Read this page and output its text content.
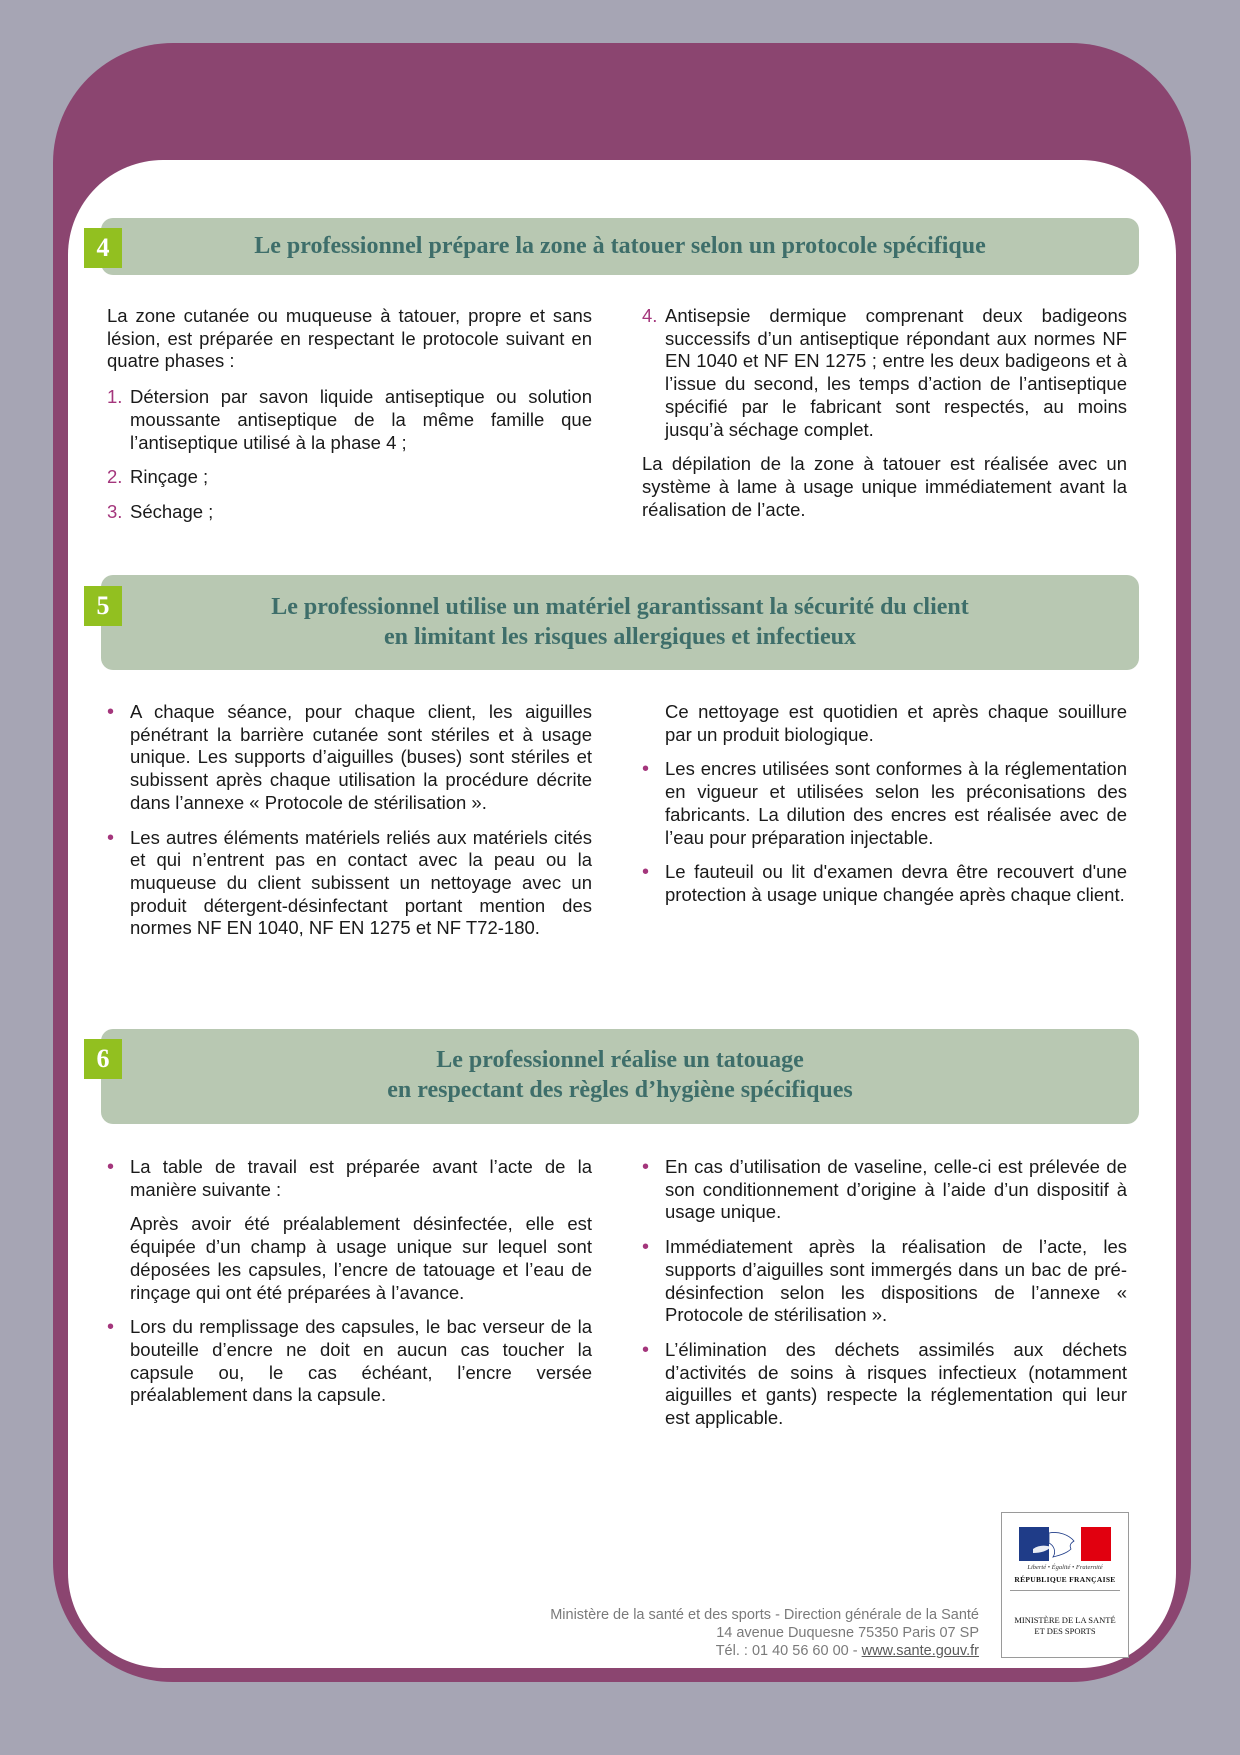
4	Le professionnel prépare la zone à tatouer selon un protocole spécifique

La zone cutanée ou muqueuse à tatouer, propre et sans lésion, est préparée en respectant le protocole suivant en quatre phases :

1. Détersion par savon liquide antiseptique ou solution moussante antiseptique de la même famille que l’antiseptique utilisé à la phase 4 ;
2. Rinçage ;
3. Séchage ;
4. Antisepsie dermique comprenant deux badigeons successifs d’un antiseptique répondant aux normes NF EN 1040 et NF EN 1275 ; entre les deux badigeons et à l’issue du second, les temps d’action de l’antiseptique spécifié par le fabricant sont respectés, au moins jusqu’à séchage complet.

La dépilation de la zone à tatouer est réalisée avec un système à lame à usage unique immédiatement avant la réalisation de l’acte.

5	Le professionnel utilise un matériel garantissant la sécurité du client
en limitant les risques allergiques et infectieux
• A chaque séance, pour chaque client, les aiguilles pénétrant la barrière cutanée sont stériles et à usage unique. Les supports d’aiguilles (buses) sont stériles et subissent après chaque utilisation la procédure décrite dans l’annexe « Protocole de stérilisation ».
• Les autres éléments matériels reliés aux matériels cités et qui n’entrent pas en contact avec la peau ou la muqueuse du client subissent un nettoyage avec un produit détergent-désinfectant portant mention des normes NF EN 1040, NF EN 1275 et NF T72-180.
Ce nettoyage est quotidien et après chaque souillure par un produit biologique.
• Les encres utilisées sont conformes à la réglementation en vigueur et utilisées selon les préconisations des fabricants. La dilution des encres est réalisée avec de l’eau pour préparation injectable.
• Le fauteuil ou lit d'examen devra être recouvert d'une protection à usage unique changée après chaque client.
6	Le professionnel réalise un tatouage
en respectant des règles d’hygiène spécifiques
• La table de travail est préparée avant l’acte de la manière suivante :
Après avoir été préalablement désinfectée, elle est équipée d’un champ à usage unique sur lequel sont déposées les capsules, l’encre de tatouage et l’eau de rinçage qui ont été préparées à l’avance.
• Lors du remplissage des capsules, le bac verseur de la bouteille d’encre ne doit en aucun cas toucher la capsule ou, le cas échéant, l’encre versée préalablement dans la capsule.
• En cas d’utilisation de vaseline, celle-ci est prélevée de son conditionnement d’origine à l’aide d’un dispositif à usage unique.
• Immédiatement après la réalisation de l’acte, les supports d’aiguilles sont immergés dans un bac de pré-désinfection selon les dispositions de l’annexe « Protocole de stérilisation ».
• L’élimination des déchets assimilés aux déchets d’activités de soins à risques infectieux (notamment aiguilles et gants) respecte la réglementation qui leur est applicable.
Ministère de la santé et des sports - Direction générale de la Santé
14 avenue Duquesne 75350 Paris 07 SP
Tél. : 01 40 56 60 00 - www.sante.gouv.fr
Liberté • Égalité • Fraternité
RÉPUBLIQUE FRANÇAISE
MINISTÈRE DE LA SANTÉ
ET DES SPORTS
